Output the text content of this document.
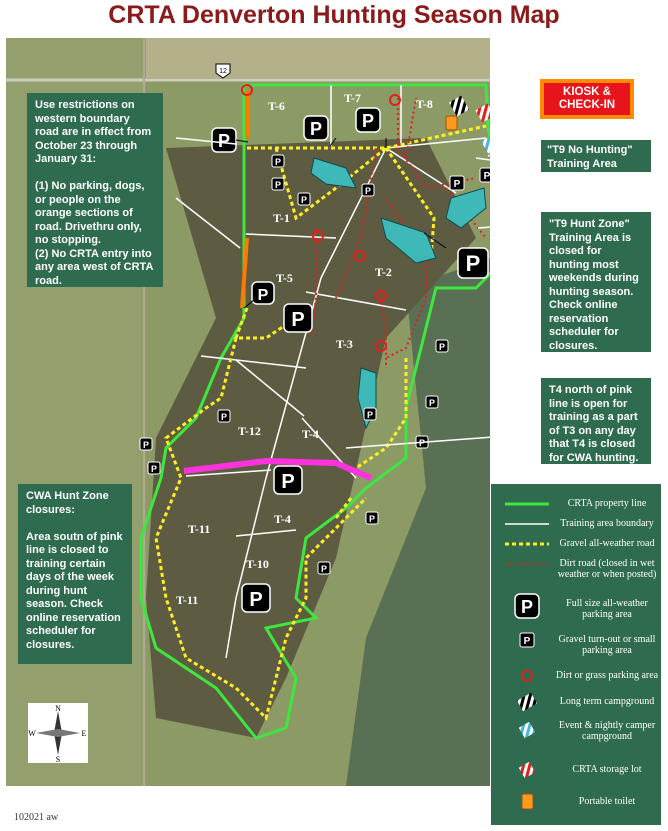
CRTA Denverton Hunting Season Map
12
T-6
T-7	T-8
T-1
T-5	T-2
T-3
T-12	T-4
T-4
T-11
T-10
T-11
P
P P
P
P
P
P
P
P
P
P
P
P
P
P
P
P
P
P
P
P
P
P
Use restrictions on western boundary road are in effect from October 23 through January 31:

(1) No parking, dogs, or people on the orange sections of road. Drivethru only, no stopping.
(2) No CRTA entry into any area west of CRTA road.
KIOSK & CHECK-IN
"T9 No Hunting" Training Area
"T9 Hunt Zone" Training Area is closed for hunting most weekends during hunting season. Check online reservation scheduler for closures.
T4 north of pink line is open for training as a part of T3 on any day that T4 is closed for CWA hunting.
CWA Hunt Zone closures:

Area soutn of pink line is closed to training certain days of the week during hunt season. Check online reservation scheduler for closures.
N
S
E
W
CRTA property line
Training area boundary
Gravel all-weather road
Dirt road (closed in wet weather or when posted)
P	Full size all-weather parking area
P	Gravel turn-out or small parking area
Dirt or grass parking area
Long term campground
Event & nightly camper campground
CRTA storage lot
Portable toilet
102021 aw
